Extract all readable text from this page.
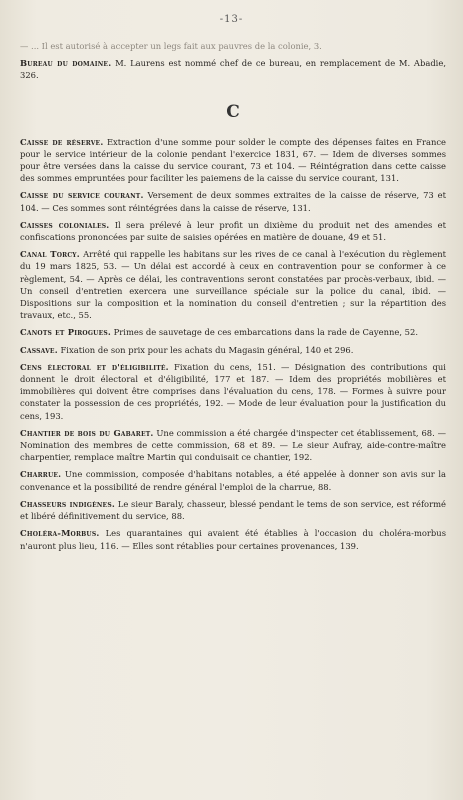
-13-

— ... Il est autorisé à accepter un legs fait aux pauvres de la colonie, 3.

Bureau du domaine. M. Laurens est nommé chef de ce bureau, en remplacement de M. Abadie, 326.

C

Caisse de réserve. Extraction d'une somme pour solder le compte des dépenses faites en France pour le service intérieur de la colonie pendant l'exercice 1831, 67. — Idem de diverses sommes pour être versées dans la caisse du service courant, 73 et 104. — Réintégration dans cette caisse des sommes empruntées pour faciliter les paiemens de la caisse du service courant, 131.

Caisse du service courant. Versement de deux sommes extraites de la caisse de réserve, 73 et 104. — Ces sommes sont réintégrées dans la caisse de réserve, 131.

Caisses coloniales. Il sera prélevé à leur profit un dixième du produit net des amendes et confiscations prononcées par suite de saisies opérées en matière de douane, 49 et 51.

Canal Torcy. Arrêté qui rappelle les habitans sur les rives de ce canal à l'exécution du règlement du 19 mars 1825, 53. — Un délai est accordé à ceux en contravention pour se conformer à ce règlement, 54. — Après ce délai, les contraventions seront constatées par procès-verbaux, ibid. — Un conseil d'entretien exercera une surveillance spéciale sur la police du canal, ibid. — Dispositions sur la composition et la nomination du conseil d'entretien ; sur la répartition des travaux, etc., 55.

Canots et Pirogues. Primes de sauvetage de ces embarcations dans la rade de Cayenne, 52.

Cassave. Fixation de son prix pour les achats du Magasin général, 140 et 296.

Cens électoral et d'éligibilité. Fixation du cens, 151. — Désignation des contributions qui donnent le droit électoral et d'éligibilité, 177 et 187. — Idem des propriétés mobilières et immobilières qui doivent être comprises dans l'évaluation du cens, 178. — Formes à suivre pour constater la possession de ces propriétés, 192. — Mode de leur évaluation pour la justification du cens, 193.

Chantier de bois du Gabaret. Une commission a été chargée d'inspecter cet établissement, 68. — Nomination des membres de cette commission, 68 et 89. — Le sieur Aufray, aide-contre-maître charpentier, remplace maître Martin qui conduisait ce chantier, 192.

Charrue. Une commission, composée d'habitans notables, a été appelée à donner son avis sur la convenance et la possibilité de rendre général l'emploi de la charrue, 88.

Chasseurs indigènes. Le sieur Baraly, chasseur, blessé pendant le tems de son service, est réformé et libéré définitivement du service, 88.

Choléra-Morbus. Les quarantaines qui avaient été établies à l'occasion du choléra-morbus n'auront plus lieu, 116. — Elles sont rétablies pour certaines provenances, 139.
